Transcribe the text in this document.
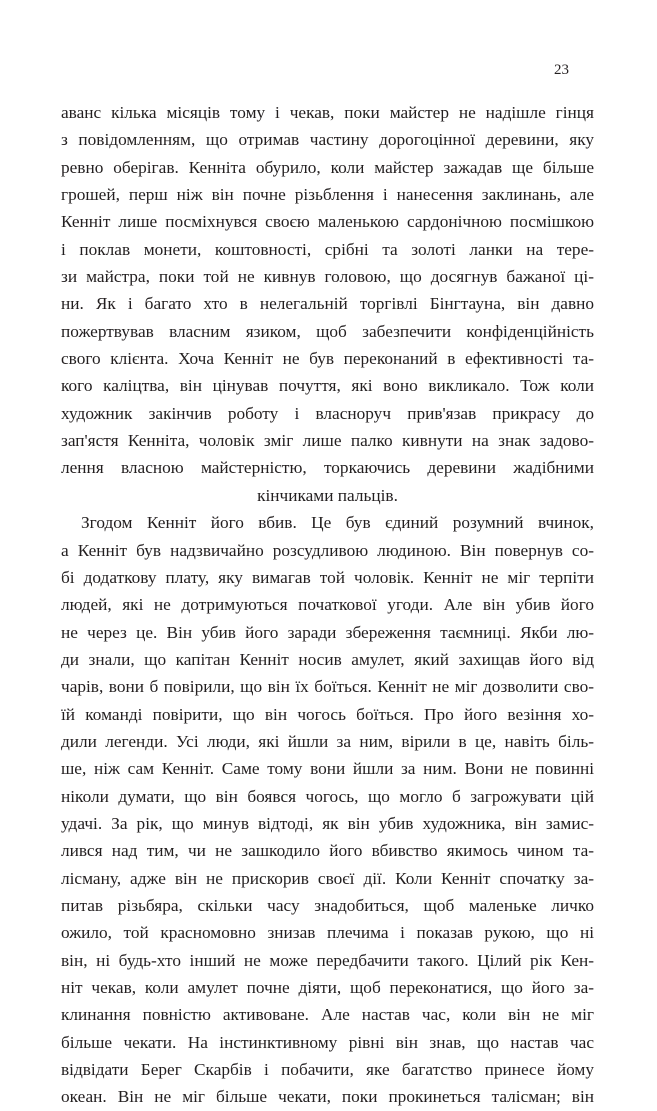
23
аванс кілька місяців тому і чекав, поки майстер не надішле гінця
з повідомленням, що отримав частину дорогоцінної деревини, яку
ревно оберігав. Кенніта обурило, коли майстер зажадав ще більше
грошей, перш ніж він почне різьблення і нанесення заклинань, але
Кенніт лише посміхнувся своєю маленькою сардонічною посмішкою
і поклав монети, коштовності, срібні та золоті ланки на тере-
зи майстра, поки той не кивнув головою, що досягнув бажаної ці-
ни. Як і багато хто в нелегальній торгівлі Бінгтауна, він давно
пожертвував власним язиком, щоб забезпечити конфіденційність
свого клієнта. Хоча Кенніт не був переконаний в ефективності та-
кого каліцтва, він цінував почуття, які воно викликало. Тож коли
художник закінчив роботу і власноруч прив'язав прикрасу до
зап'ястя Кенніта, чоловік зміг лише палко кивнути на знак задово-
лення власною майстерністю, торкаючись деревини жадібними
кінчиками пальців.
Згодом Кенніт його вбив. Це був єдиний розумний вчинок,
а Кенніт був надзвичайно розсудливою людиною. Він повернув со-
бі додаткову плату, яку вимагав той чоловік. Кенніт не міг терпіти
людей, які не дотримуються початкової угоди. Але він убив його
не через це. Він убив його заради збереження таємниці. Якби лю-
ди знали, що капітан Кенніт носив амулет, який захищав його від
чарів, вони б повірили, що він їх боїться. Кенніт не міг дозволити сво-
їй команді повірити, що він чогось боїться. Про його везіння хо-
дили легенди. Усі люди, які йшли за ним, вірили в це, навіть біль-
ше, ніж сам Кенніт. Саме тому вони йшли за ним. Вони не повинні
ніколи думати, що він боявся чогось, що могло б загрожувати цій
удачі. За рік, що минув відтоді, як він убив художника, він замис-
лився над тим, чи не зашкодило його вбивство якимось чином та-
лісману, адже він не прискорив своєї дії. Коли Кенніт спочатку за-
питав різьбяра, скільки часу знадобиться, щоб маленьке личко
ожило, той красномовно знизав плечима і показав рукою, що ні
він, ні будь-хто інший не може передбачити такого. Цілий рік Кен-
ніт чекав, коли амулет почне діяти, щоб переконатися, що його за-
клинання повністю активоване. Але настав час, коли він не міг
більше чекати. На інстинктивному рівні він знав, що настав час
відвідати Берег Скарбів і побачити, яке багатство принесе йому
океан. Він не міг більше чекати, поки прокинеться талісман; він
